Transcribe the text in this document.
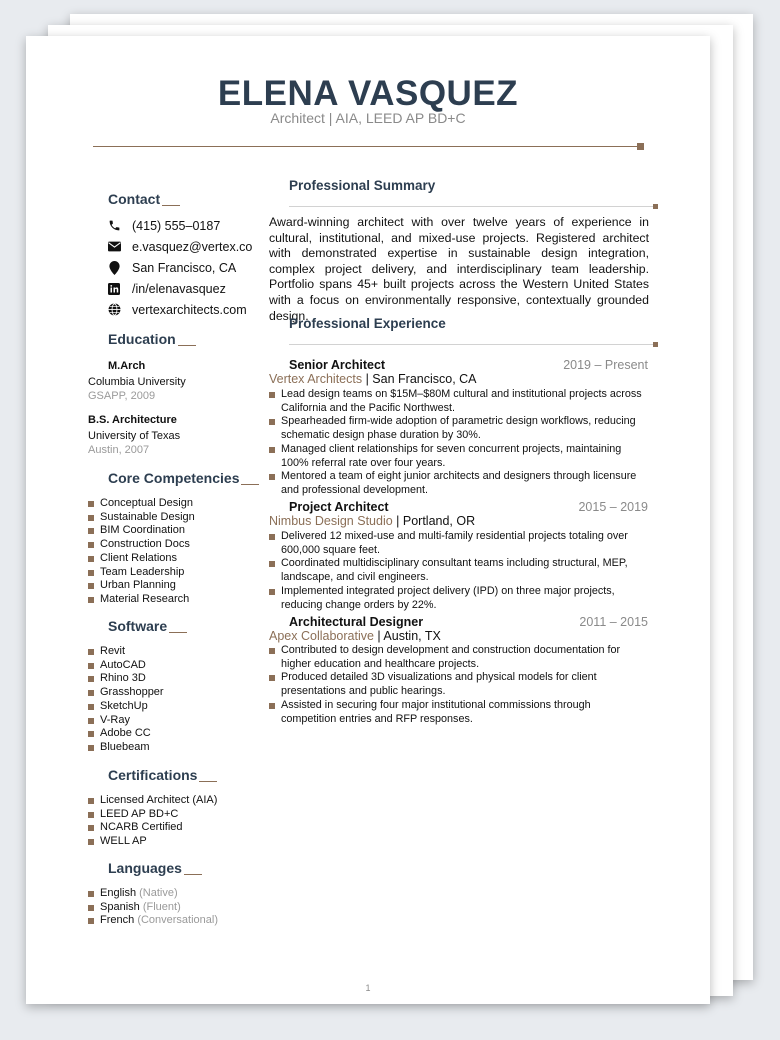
ELENA VASQUEZ
Architect | AIA, LEED AP BD+C
Contact
(415) 555–0187
e.vasquez@vertex.co
San Francisco, CA
/in/elenavasquez
vertexarchitects.com
Education
M.Arch
Columbia University
GSAPP, 2009
B.S. Architecture
University of Texas
Austin, 2007
Core Competencies
Conceptual Design
Sustainable Design
BIM Coordination
Construction Docs
Client Relations
Team Leadership
Urban Planning
Material Research
Software
Revit
AutoCAD
Rhino 3D
Grasshopper
SketchUp
V-Ray
Adobe CC
Bluebeam
Certifications
Licensed Architect (AIA)
LEED AP BD+C
NCARB Certified
WELL AP
Languages
English (Native)
Spanish (Fluent)
French (Conversational)
Professional Summary
Award-winning architect with over twelve years of experience in cultural, institutional, and mixed-use projects. Registered architect with demonstrated expertise in sustainable design integration, complex project delivery, and interdisciplinary team leadership. Portfolio spans 45+ built projects across the Western United States with a focus on environmentally responsive, contextually grounded design.
Professional Experience
Senior Architect	2019 – Present
Vertex Architects | San Francisco, CA
Lead design teams on $15M–$80M cultural and institutional projects across California and the Pacific Northwest.
Spearheaded firm-wide adoption of parametric design workflows, reducing schematic design phase duration by 30%.
Managed client relationships for seven concurrent projects, maintaining 100% referral rate over four years.
Mentored a team of eight junior architects and designers through licensure and professional development.
Project Architect	2015 – 2019
Nimbus Design Studio | Portland, OR
Delivered 12 mixed-use and multi-family residential projects totaling over 600,000 square feet.
Coordinated multidisciplinary consultant teams including structural, MEP, landscape, and civil engineers.
Implemented integrated project delivery (IPD) on three major projects, reducing change orders by 22%.
Architectural Designer	2011 – 2015
Apex Collaborative | Austin, TX
Contributed to design development and construction documentation for higher education and healthcare projects.
Produced detailed 3D visualizations and physical models for client presentations and public hearings.
Assisted in securing four major institutional commissions through competition entries and RFP responses.
1
